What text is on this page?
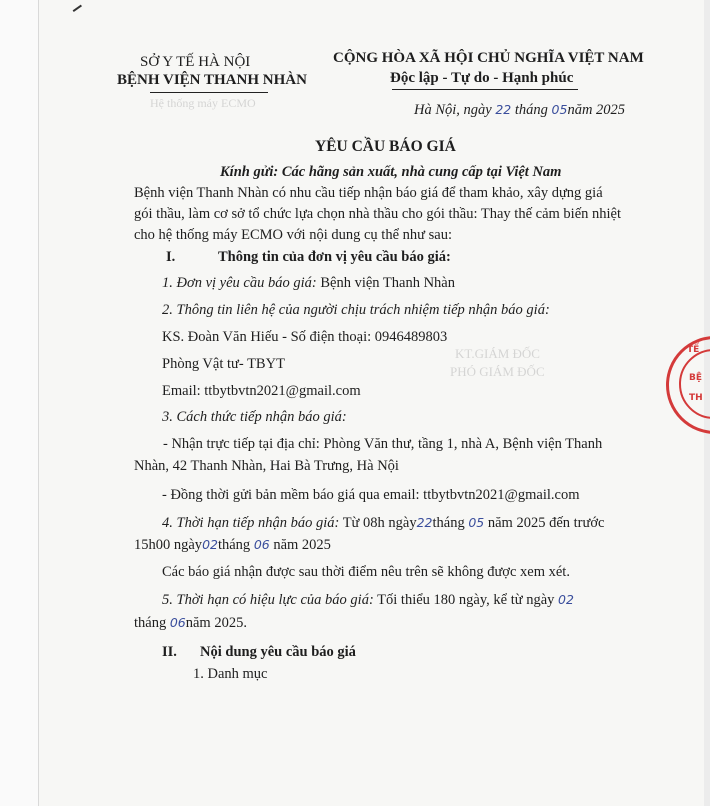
Hệ thống máy ECMO
KT.GIÁM ĐỐC
PHÓ GIÁM ĐỐC
TẾ
BỆ
TH
SỞ Y TẾ HÀ NỘI
BỆNH VIỆN THANH NHÀN
CỘNG HÒA XÃ HỘI CHỦ NGHĨA VIỆT NAM
Độc lập - Tự do - Hạnh phúc
Hà Nội, ngày 22 tháng 05năm 2025
YÊU CẦU BÁO GIÁ
Kính gửi: Các hãng sản xuất, nhà cung cấp tại Việt Nam
Bệnh viện Thanh Nhàn có nhu cầu tiếp nhận báo giá để tham khảo, xây dựng giá
gói thầu, làm cơ sở tổ chức lựa chọn nhà thầu cho gói thầu: Thay thế cảm biến nhiệt
cho hệ thống máy ECMO với nội dung cụ thể như sau:
I.	Thông tin của đơn vị yêu cầu báo giá:
1. Đơn vị yêu cầu báo giá: Bệnh viện Thanh Nhàn
2. Thông tin liên hệ của người chịu trách nhiệm tiếp nhận báo giá:
KS. Đoàn Văn Hiếu - Số điện thoại: 0946489803
Phòng Vật tư- TBYT
Email: ttbytbvtn2021@gmail.com
3. Cách thức tiếp nhận báo giá:
- Nhận trực tiếp tại địa chỉ: Phòng Văn thư, tầng 1, nhà A, Bệnh viện Thanh
Nhàn, 42 Thanh Nhàn, Hai Bà Trưng, Hà Nội
- Đồng thời gửi bản mềm báo giá qua email: ttbytbvtn2021@gmail.com
4. Thời hạn tiếp nhận báo giá: Từ 08h ngày22tháng 05 năm 2025 đến trước
15h00 ngày02tháng 06 năm 2025
Các báo giá nhận được sau thời điểm nêu trên sẽ không được xem xét.
5. Thời hạn có hiệu lực của báo giá: Tối thiểu 180 ngày, kể từ ngày 02
tháng 06năm 2025.
II. Nội dung yêu cầu báo giá
1. Danh mục
